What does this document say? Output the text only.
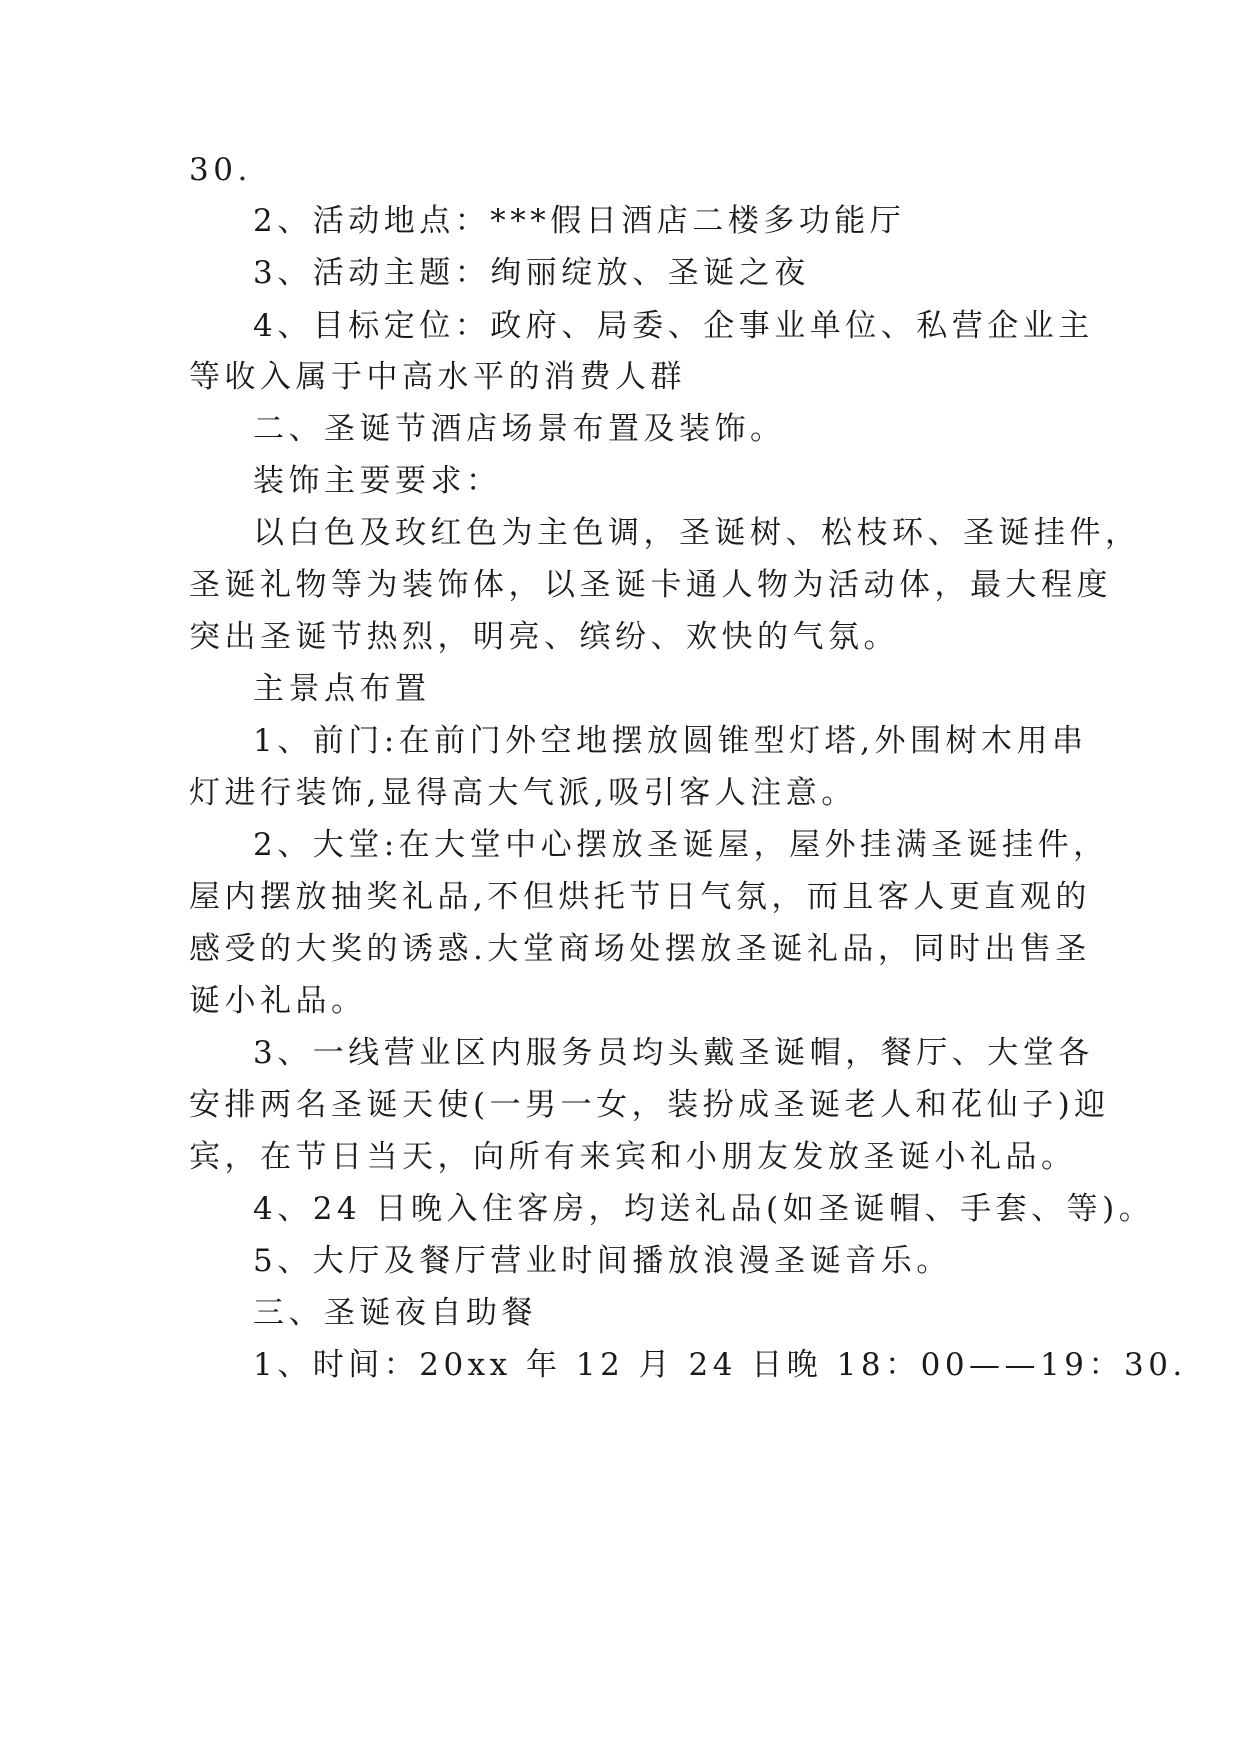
30.

2、活动地点：***假日酒店二楼多功能厅

3、活动主题：绚丽绽放、圣诞之夜

4、目标定位：政府、局委、企事业单位、私营企业主

等收入属于中高水平的消费人群

二、圣诞节酒店场景布置及装饰。

装饰主要要求：

以白色及玫红色为主色调，圣诞树、松枝环、圣诞挂件，

圣诞礼物等为装饰体，以圣诞卡通人物为活动体，最大程度

突出圣诞节热烈，明亮、缤纷、欢快的气氛。

主景点布置

1、前门:在前门外空地摆放圆锥型灯塔,外围树木用串

灯进行装饰,显得高大气派,吸引客人注意。

2、大堂:在大堂中心摆放圣诞屋，屋外挂满圣诞挂件，

屋内摆放抽奖礼品,不但烘托节日气氛，而且客人更直观的

感受的大奖的诱惑.大堂商场处摆放圣诞礼品，同时出售圣

诞小礼品。

3、一线营业区内服务员均头戴圣诞帽，餐厅、大堂各

安排两名圣诞天使(一男一女，装扮成圣诞老人和花仙子)迎

宾，在节日当天，向所有来宾和小朋友发放圣诞小礼品。

4、24 日晚入住客房，均送礼品(如圣诞帽、手套、等)。

5、大厅及餐厅营业时间播放浪漫圣诞音乐。

三、圣诞夜自助餐

1、时间：20xx 年 12 月 24 日晚 18：00——19：30.
